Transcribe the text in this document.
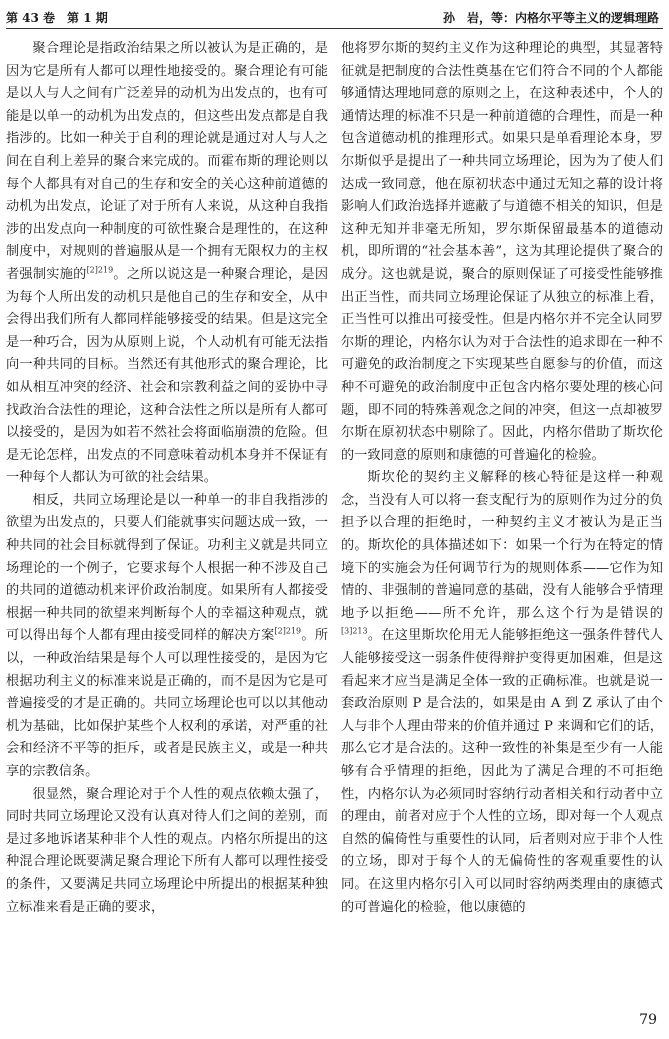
第 43 卷　第 1 期	孙　岩，等：内格尔平等主义的逻辑理路

聚合理论是指政治结果之所以被认为是正确的，是因为它是所有人都可以理性地接受的。聚合理论有可能是以人与人之间有广泛差异的动机为出发点的，也有可能是以单一的动机为出发点的，但这些出发点都是自我指涉的。比如一种关于自利的理论就是通过对人与人之间在自利上差异的聚合来完成的。而霍布斯的理论则以每个人都具有对自己的生存和安全的关心这种前道德的动机为出发点，论证了对于所有人来说，从这种自我指涉的出发点向一种制度的可欲性聚合是理性的，在这种制度中，对规则的普遍服从是一个拥有无限权力的主权者强制实施的$^{[2]219}$。之所以说这是一种聚合理论，是因为每个人所出发的动机只是他自己的生存和安全，从中会得出我们所有人都同样能够接受的结果。但是这完全是一种巧合，因为从原则上说，个人动机有可能无法指向一种共同的目标。当然还有其他形式的聚合理论，比如从相互冲突的经济、社会和宗教利益之间的妥协中寻找政治合法性的理论，这种合法性之所以是所有人都可以接受的，是因为如若不然社会将面临崩溃的危险。但是无论怎样，出发点的不同意味着动机本身并不保证有一种每个人都认为可欲的社会结果。

相反，共同立场理论是以一种单一的非自我指涉的欲望为出发点的，只要人们能就事实问题达成一致，一种共同的社会目标就得到了保证。功利主义就是共同立场理论的一个例子，它要求每个人根据一种不涉及自己的共同的道德动机来评价政治制度。如果所有人都接受根据一种共同的欲望来判断每个人的幸福这种观点，就可以得出每个人都有理由接受同样的解决方案$^{[2]219}$。所以，一种政治结果是每个人可以理性接受的，是因为它根据功利主义的标准来说是正确的，而不是因为它是可普遍接受的才是正确的。共同立场理论也可以以其他动机为基础，比如保护某些个人权利的承诺，对严重的社会和经济不平等的拒斥，或者是民族主义，或是一种共享的宗教信条。

很显然，聚合理论对于个人性的观点依赖太强了，同时共同立场理论又没有认真对待人们之间的差别，而是过多地诉诸某种非个人性的观点。内格尔所提出的这种混合理论既要满足聚合理论下所有人都可以理性接受的条件，又要满足共同立场理论中所提出的根据某种独立标准来看是正确的要求，

他将罗尔斯的契约主义作为这种理论的典型，其显著特征就是把制度的合法性奠基在它们符合不同的个人都能够通情达理地同意的原则之上，在这种表述中，个人的通情达理的标准不只是一种前道德的合理性，而是一种包含道德动机的推理形式。如果只是单看理论本身，罗尔斯似乎是提出了一种共同立场理论，因为为了使人们达成一致同意，他在原初状态中通过无知之幕的设计将影响人们政治选择并遮蔽了与道德不相关的知识，但是这种无知并非毫无所知，罗尔斯保留最基本的道德动机，即所谓的“社会基本善”，这为其理论提供了聚合的成分。这也就是说，聚合的原则保证了可接受性能够推出正当性，而共同立场理论保证了从独立的标准上看，正当性可以推出可接受性。但是内格尔并不完全认同罗尔斯的理论，内格尔认为对于合法性的追求即在一种不可避免的政治制度之下实现某些自愿参与的价值，而这种不可避免的政治制度中正包含内格尔要处理的核心问题，即不同的特殊善观念之间的冲突，但这一点却被罗尔斯在原初状态中剔除了。因此，内格尔借助了斯坎伦的一致同意的原则和康德的可普遍化的检验。

斯坎伦的契约主义解释的核心特征是这样一种观念，当没有人可以将一套支配行为的原则作为过分的负担予以合理的拒绝时，一种契约主义才被认为是正当的。斯坎伦的具体描述如下：如果一个行为在特定的情境下的实施会为任何调节行为的规则体系——它作为知情的、非强制的普遍同意的基础，没有人能够合乎情理地予以拒绝——所不允许，那么这个行为是错误的$^{[3]213}$。在这里斯坎伦用无人能够拒绝这一强条件替代人人能够接受这一弱条件使得辩护变得更加困难，但是这看起来才应当是满足全体一致的正确标准。也就是说一套政治原则 P 是合法的，如果是由 A 到 Z 承认了由个人与非个人理由带来的价值并通过 P 来调和它们的话，那么它才是合法的。这种一致性的补集是至少有一人能够有合乎情理的拒绝，因此为了满足合理的不可拒绝性，内格尔认为必须同时容纳行动者相关和行动者中立的理由，前者对应于个人性的立场，即对每一个人观点自然的偏倚性与重要性的认同，后者则对应于非个人性的立场，即对于每个人的无偏倚性的客观重要性的认同。在这里内格尔引入可以同时容纳两类理由的康德式的可普遍化的检验，他以康德的

79
